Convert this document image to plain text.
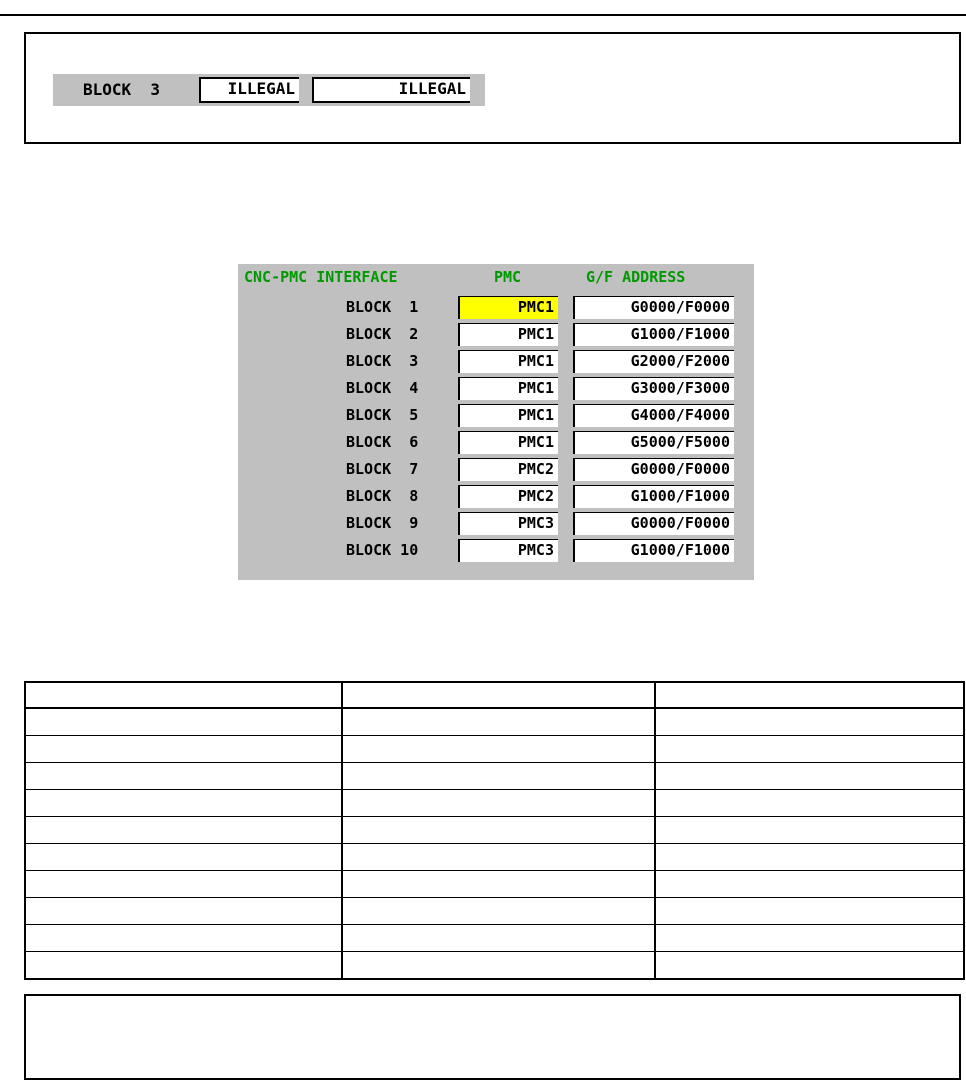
BLOCK  3	ILLEGAL	ILLEGAL
CNC-PMC INTERFACE	PMC	G/F ADDRESS
BLOCK  1	PMC1	G0000/F0000
BLOCK  2	PMC1	G1000/F1000
BLOCK  3	PMC1	G2000/F2000
BLOCK  4	PMC1	G3000/F3000
BLOCK  5	PMC1	G4000/F4000
BLOCK  6	PMC1	G5000/F5000
BLOCK  7	PMC2	G0000/F0000
BLOCK  8	PMC2	G1000/F1000
BLOCK  9	PMC3	G0000/F0000
BLOCK 10	PMC3	G1000/F1000
